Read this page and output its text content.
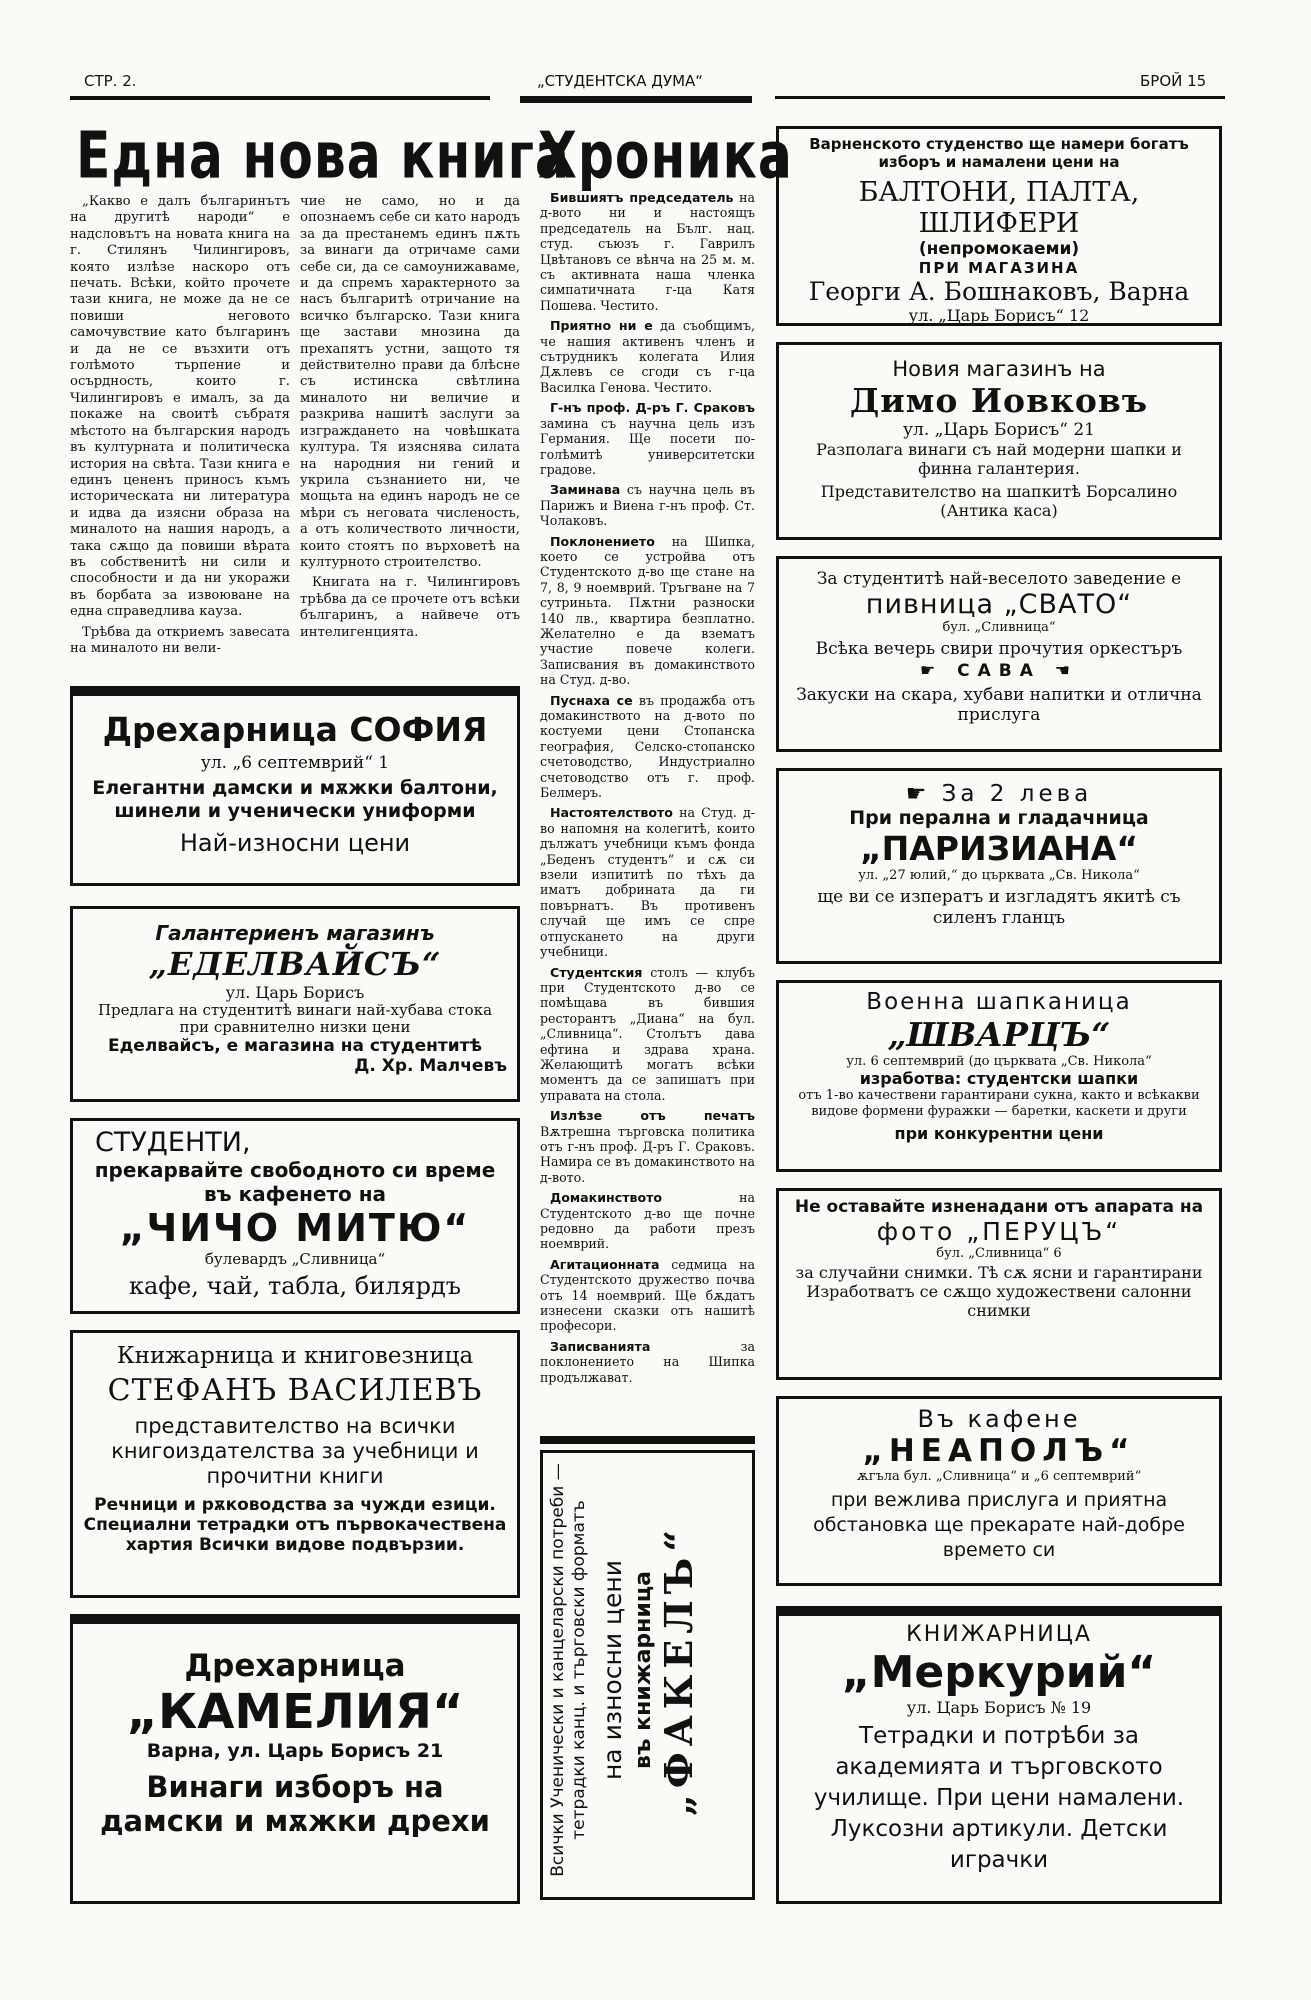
СТР. 2.	„СТУДЕНТСКА ДУМА“	БРОЙ 15
Една нова книга

„Какво е далъ българинътъ на другитѣ народи“ е надсловътъ на новата книга на г. Стилянъ Чилингировъ, която излѣзе наскоро отъ печать. Всѣки, който прочете тази книга, не може да не се повиши неговото самочувствие като българинъ и да не се възхити отъ голѣмото търпение и осърдность, които г. Чилингировъ е ималъ, за да покаже на своитѣ събратя мѣстото на българския народъ въ културната и политическа история на свѣта. Тази книга е единъ цененъ приносъ къмъ историческата ни литература и идва да изясни образа на миналото на нашия народъ, а така сѫщо да повиши вѣрата въ собственитѣ ни сили и способности и да ни укоражи въ борбата за извоюване на една справедлива кауза.

Трѣбва да откриемъ завесата на миналото ни вели-

чие не само, но и да опознаемъ себе си като народъ за да престанемъ единъ пѫть за винаги да отричаме сами себе си, да се самоунижаваме, и да спремъ характерното за насъ българитѣ отричание на всичко българско. Тази книга ще застави мнозина да прехапятъ устни, защото тя действително прави да блѣсне съ истинска свѣтлина миналото ни величие и разкрива нашитѣ заслуги за изграждането на човѣшката култура. Тя изяснява силата на народния ни гений и укрила съзнанието ни, че мощьта на единъ народъ не се мѣри съ неговата численость, а отъ количеството личности, които стоятъ по върховетѣ на културното строителство.

Книгата на г. Чилингировъ трѣбва да се прочете отъ всѣки българинъ, а найвече отъ интелигенцията.

Хроника

Бившиятъ председатель на д-вото ни и настоящъ председатель на Бълг. нац. студ. съюзъ г. Гаврилъ Цвѣтановъ се вѣнча на 25 м. м. съ активната наша членка симпатичната г-ца Катя Пошева. Честито.

Приятно ни е да съобщимъ, че нашия активенъ членъ и сътрудникъ колегата Илия Дѫлевъ се сгоди съ г-ца Василка Генова. Честито.

Г-нъ проф. Д-ръ Г. Сраковъ замина съ научна цель изъ Германия. Ще посети по-голѣмитѣ университетски градове.

Заминава съ научна цель въ Парижъ и Виена г-нъ проф. Ст. Чолаковъ.

Поклонението на Шипка, което се устройва отъ Студентското д-во ще стане на 7, 8, 9 ноемврий. Тръгване на 7 сутриньта. Пѫтни разноски 140 лв., квартира безплатно. Желателно е да взематъ участие повече колеги. Записвания въ домакинството на Студ. д-во.

Пуснаха се въ продажба отъ домакинството на д-вото по костуеми цени Стопанска география, Селско-стопанско счетоводство, Индустриално счетоводство отъ г. проф. Белмеръ.

Настоятелството на Студ. д-во напомня на колегитѣ, които дължатъ учебници къмъ фонда „Беденъ студентъ“ и сѫ си взели изпититѣ по тѣхъ да иматъ добрината да ги повърнатъ. Въ противенъ случай ще имъ се спре отпускането на други учебници.

Студентския столъ — клубъ при Студентското д-во се помѣщава въ бившия ресторантъ „Диана“ на бул. „Сливница“. Столътъ дава ефтина и здрава храна. Желающитѣ могатъ всѣки моментъ да се запишатъ при управата на стола.

Излѣзе отъ печатъ Вѫтрешна търговска политика отъ г-нъ проф. Д-ръ Г. Сраковъ. Намира се въ домакинството на д-вото.

Домакинството на Студентското д-во ще почне редовно да работи презъ ноемврий.

Агитационната седмица на Студентското дружество почва отъ 14 ноемврий. Ще бѫдатъ изнесени сказки отъ нашитѣ професори.

Записванията за поклонението на Шипка продължават.

Дрехарница СОФИЯ
ул. „6 септемврий“ 1
Елегантни дамски и мѫжки балтони, шинели и ученически униформи
Най-износни цени
Галантериенъ магазинъ
„ЕДЕЛВАЙСЪ“
ул. Царь Борисъ
Предлага на студентитѣ винаги най-хубава стока при сравнително низки цени
Еделвайсъ, е магазина на студентитѣ
Д. Хр. Малчевъ
СТУДЕНТИ,
прекарвайте свободното си време въ кафенето на
„ЧИЧО МИТЮ“
булевардъ „Сливница“
кафе, чай, табла, билярдъ
Книжарница и книговезница
СТЕФАНЪ ВАСИЛЕВЪ
представителство на всички книгоиздателства за учебници и прочитни книги
Речници и рѫководства за чужди езици. Специални тетрадки отъ първокачествена хартия Всички видове подвързии.
Дрехарница
„КАМЕЛИЯ“
Варна, ул. Царь Борисъ 21
Винаги изборъ на дамски и мѫжки дрехи	Всички Ученически и канцеларски потреби — тетрадки канц. и търговски форматъ на износни цени въ книжарница „ФАКЕЛЪ“
Варненското студенство ще намери богатъ изборъ и намалени цени на
БАЛТОНИ, ПАЛТА, ШЛИФЕРИ
(непромокаеми)
ПРИ МАГАЗИНА
Георги А. Бошнаковъ, Варна
ул. „Царь Борисъ“ 12
Новия магазинъ на
Димо Иовковъ
ул. „Царь Борисъ“ 21
Разполага винаги съ най модерни шапки и финна галантерия.
Представителство на шапкитѣ Борсалино (Антика каса)
За студентитѣ най-веселото заведение е
пивница „СВАТО“
бул. „Сливница“
Всѣка вечерь свири прочутия оркестъръ
☛ САВА ☚
Закуски на скара, хубави напитки и отлична прислуга
☛ За 2 лева
При перална и гладачница
„ПАРИЗИАНА“
ул. „27 юлий,“ до църквата „Св. Никола“
ще ви се изператъ и изгладятъ якитѣ съ силенъ гланцъ
Военна шапканица
„ШВАРЦЪ“
ул. 6 септемврий (до църквата „Св. Никола“
изработва: студентски шапки
отъ 1-во качествени гарантирани сукна, както и всѣкакви видове формени фуражки — баретки, каскети и други
при конкурентни цени
Не оставайте изненадани отъ апарата на
фото „ПЕРУЦЪ“
бул. „Сливница“ 6
за случайни снимки. Тѣ сѫ ясни и гарантирани
Изработватъ се сѫщо художествени салонни снимки
Въ кафене
„НЕАПОЛЪ“
ѫгъла бул. „Сливница“ и „6 септемврий“
при вежлива прислуга и приятна обстановка ще прекарате най-добре времето си
КНИЖАРНИЦА
„Меркурий“
ул. Царь Борисъ № 19
Тетрадки и потрѣби за академията и търговското училище. При цени намалени. Луксозни артикули. Детски играчки
